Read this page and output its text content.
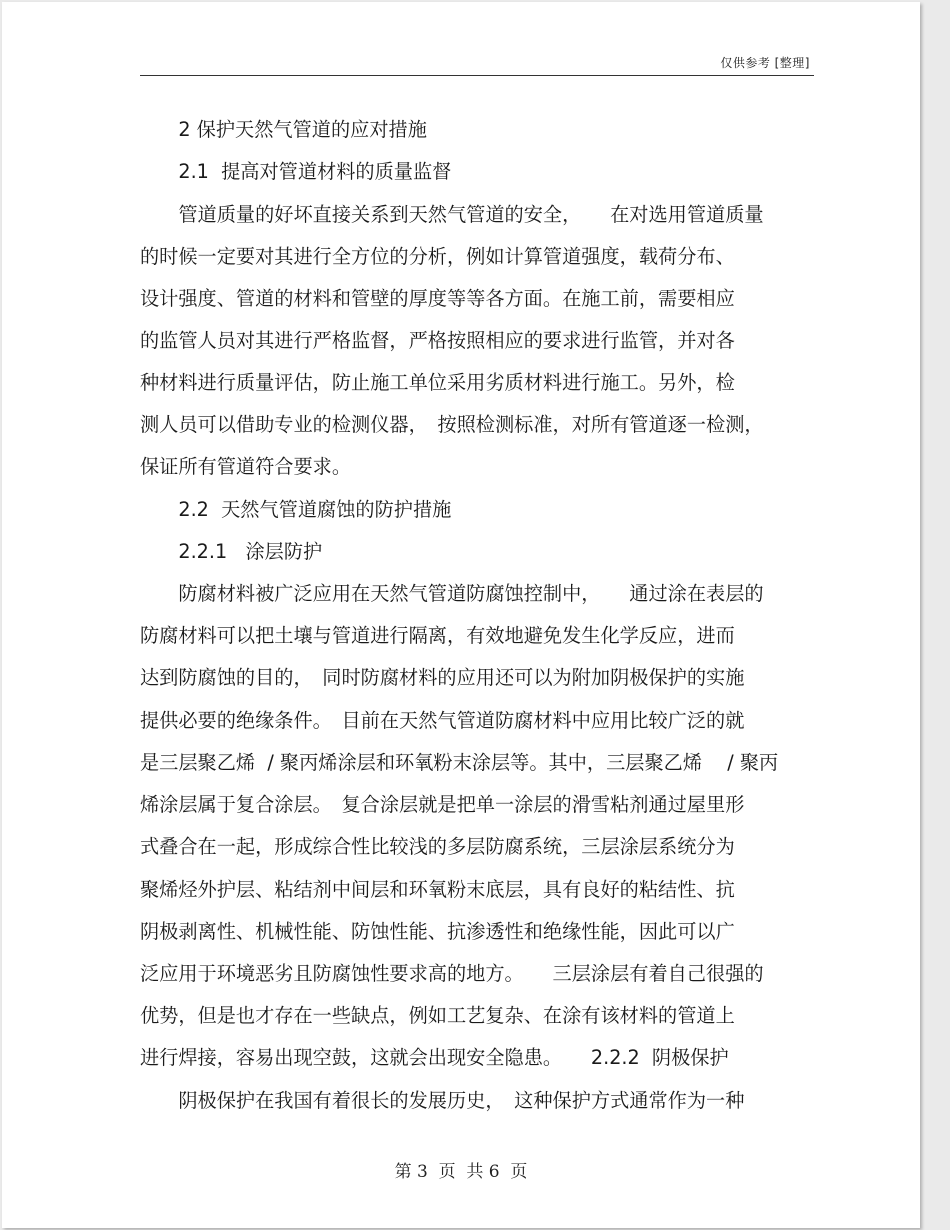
仅供参考 [整理]
　　2 保护天然气管道的应对措施
　　2.1  提高对管道材料的质量监督
　　管道质量的好坏直接关系到天然气管道的安全，　　在对选用管道质量
的时候一定要对其进行全方位的分析，例如计算管道强度，载荷分布、
设计强度、管道的材料和管壁的厚度等等各方面。在施工前，需要相应
的监管人员对其进行严格监督，严格按照相应的要求进行监管，并对各
种材料进行质量评估，防止施工单位采用劣质材料进行施工。另外，检
测人员可以借助专业的检测仪器，　按照检测标准，对所有管道逐一检测，
保证所有管道符合要求。
　　2.2  天然气管道腐蚀的防护措施
　　2.2.1   涂层防护
　　防腐材料被广泛应用在天然气管道防腐蚀控制中，　　通过涂在表层的
防腐材料可以把土壤与管道进行隔离，有效地避免发生化学反应，进而
达到防腐蚀的目的，　同时防腐材料的应用还可以为附加阴极保护的实施
提供必要的绝缘条件。　目前在天然气管道防腐材料中应用比较广泛的就
是三层聚乙烯  / 聚丙烯涂层和环氧粉末涂层等。其中，三层聚乙烯　 / 聚丙
烯涂层属于复合涂层。　复合涂层就是把单一涂层的滑雪粘剂通过屋里形
式叠合在一起，形成综合性比较浅的多层防腐系统，三层涂层系统分为
聚烯烃外护层、粘结剂中间层和环氧粉末底层，具有良好的粘结性、抗
阴极剥离性、机械性能、防蚀性能、抗渗透性和绝缘性能，因此可以广
泛应用于环境恶劣且防腐蚀性要求高的地方。　　三层涂层有着自己很强的
优势，但是也才存在一些缺点，例如工艺复杂、在涂有该材料的管道上
进行焊接，容易出现空鼓，这就会出现安全隐患。　　2.2.2  阴极保护
　　阴极保护在我国有着很长的发展历史，　这种保护方式通常作为一种
第 3  页  共 6  页
